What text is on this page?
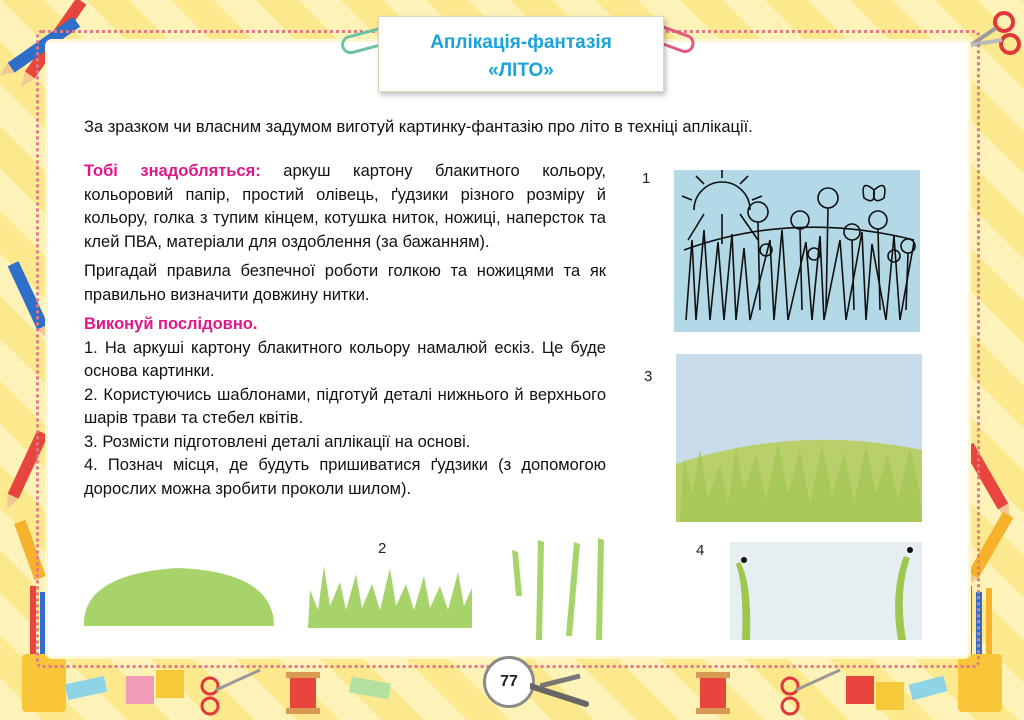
Аплікація-фантазія
«ЛІТО»
За зразком чи власним задумом виготуй картинку-фантазію про літо в техніці аплікації.

Тобі знадобляться: аркуш картону блакитного кольору, кольоровий папір, простий олівець, ґудзики різного розміру й кольору, голка з тупим кінцем, котушка ниток, ножиці, наперсток та клей ПВА, матеріали для оздоблення (за бажанням).

Пригадай правила безпечної роботи голкою та ножицями та як правильно визначити довжину нитки.

Виконуй послідовно.
1. На аркуші картону блакитного кольору намалюй ескіз. Це буде основа картинки.
2. Користуючись шаблонами, підготуй деталі нижнього й верхнього шарів трави та стебел квітів.
3. Розмісти підготовлені деталі аплікації на основі.
4. Познач місця, де будуть пришиватися ґудзики (з допомогою дорослих можна зробити проколи шилом).

1
3
2	4
77
